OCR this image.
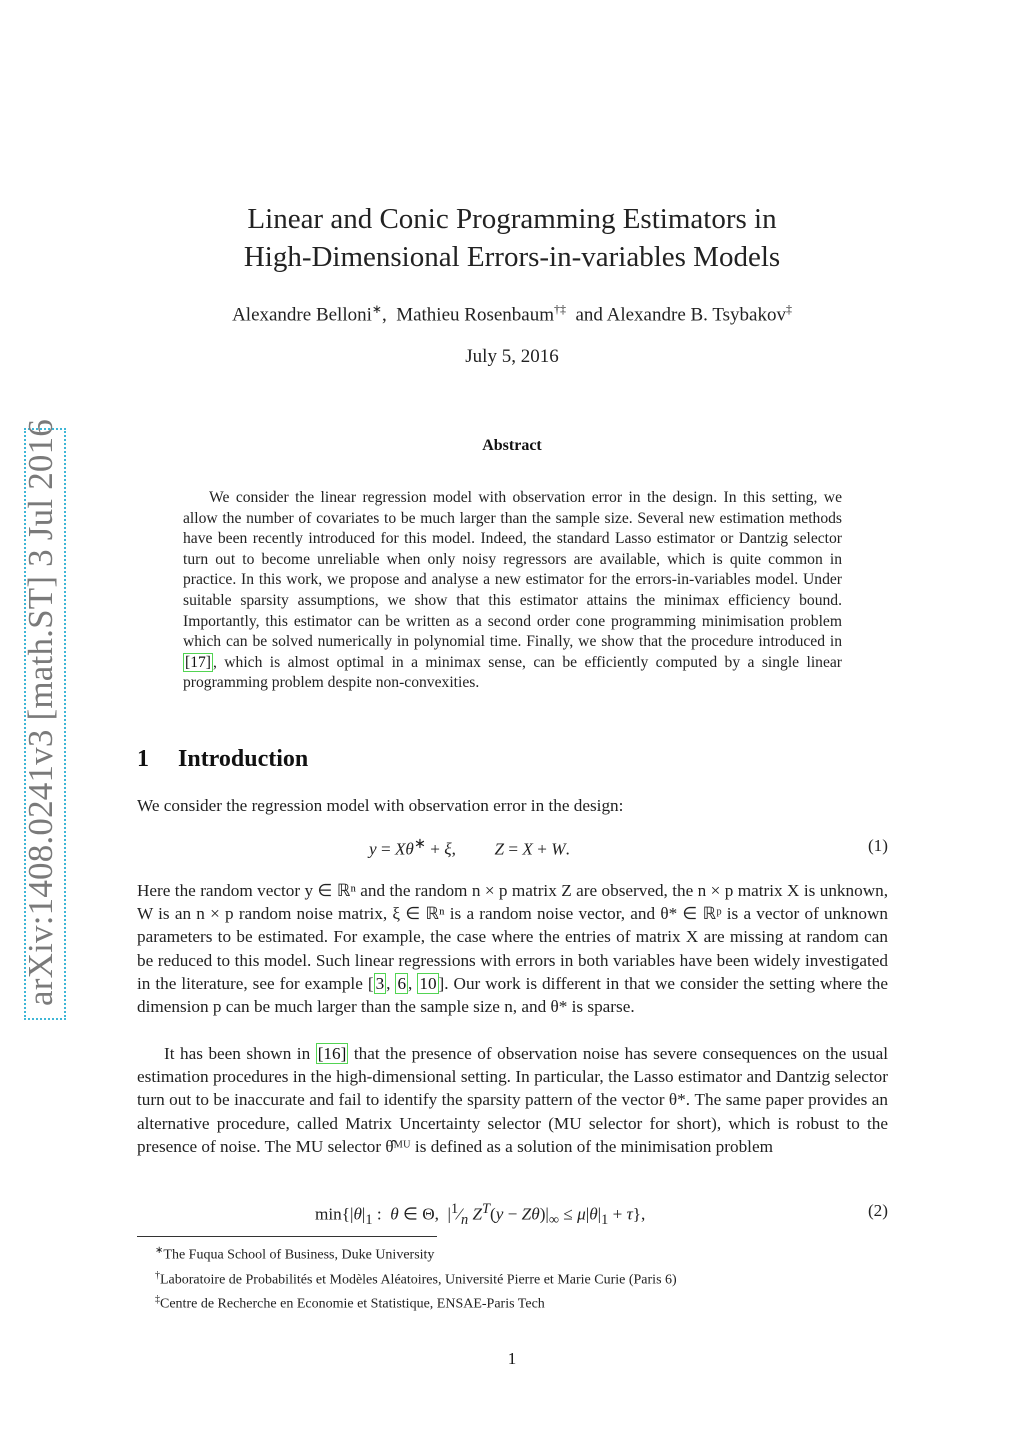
arXiv:1408.0241v3 [math.ST] 3 Jul 2016
Linear and Conic Programming Estimators in
High-Dimensional Errors-in-variables Models
Alexandre Belloni∗,  Mathieu Rosenbaum†‡ and Alexandre B. Tsybakov‡
July 5, 2016
Abstract
We consider the linear regression model with observation error in the design. In this setting, we allow the number of covariates to be much larger than the sample size. Several new estimation methods have been recently introduced for this model. Indeed, the standard Lasso estimator or Dantzig selector turn out to become unreliable when only noisy regressors are available, which is quite common in practice. In this work, we propose and analyse a new estimator for the errors-in-variables model. Under suitable sparsity assumptions, we show that this estimator attains the minimax efficiency bound. Importantly, this estimator can be written as a second order cone programming minimisation problem which can be solved numerically in polynomial time. Finally, we show that the procedure introduced in [17] , which is almost optimal in a minimax sense, can be efficiently computed by a single linear programming problem despite non-convexities.
1 Introduction
We consider the regression model with observation error in the design:
y = Xθ∗ + ξ,         Z = X + W.	(1)
Here the random vector y ∈ ℝⁿ and the random n × p matrix Z are observed, the n × p matrix X is unknown, W is an n × p random noise matrix, ξ ∈ ℝⁿ is a random noise vector, and θ* ∈ ℝᵖ is a vector of unknown parameters to be estimated. For example, the case where the entries of matrix X are missing at random can be reduced to this model. Such linear regressions with errors in both variables have been widely investigated in the literature, see for example [ 3 , 6 , 10 ]. Our work is different in that we consider the setting where the dimension p can be much larger than the sample size n, and θ* is sparse.
It has been shown in [16] that the presence of observation noise has severe consequences on the usual estimation procedures in the high-dimensional setting. In particular, the Lasso estimator and Dantzig selector turn out to be inaccurate and fail to identify the sparsity pattern of the vector θ*. The same paper provides an alternative procedure, called Matrix Uncertainty selector (MU selector for short), which is robust to the presence of noise. The MU selector θ̂ᴹᵁ is defined as a solution of the minimisation problem
$\min\{|\theta|_1$ :  θ ∈ Θ,  $|^1⁄_n$ $Z^T(y - Z\theta)|_\infty \le \mu|\theta|_1 + \tau$},	(2)
∗The Fuqua School of Business, Duke University
†Laboratoire de Probabilités et Modèles Aléatoires, Université Pierre et Marie Curie (Paris 6)
‡Centre de Recherche en Economie et Statistique, ENSAE-Paris Tech
1
